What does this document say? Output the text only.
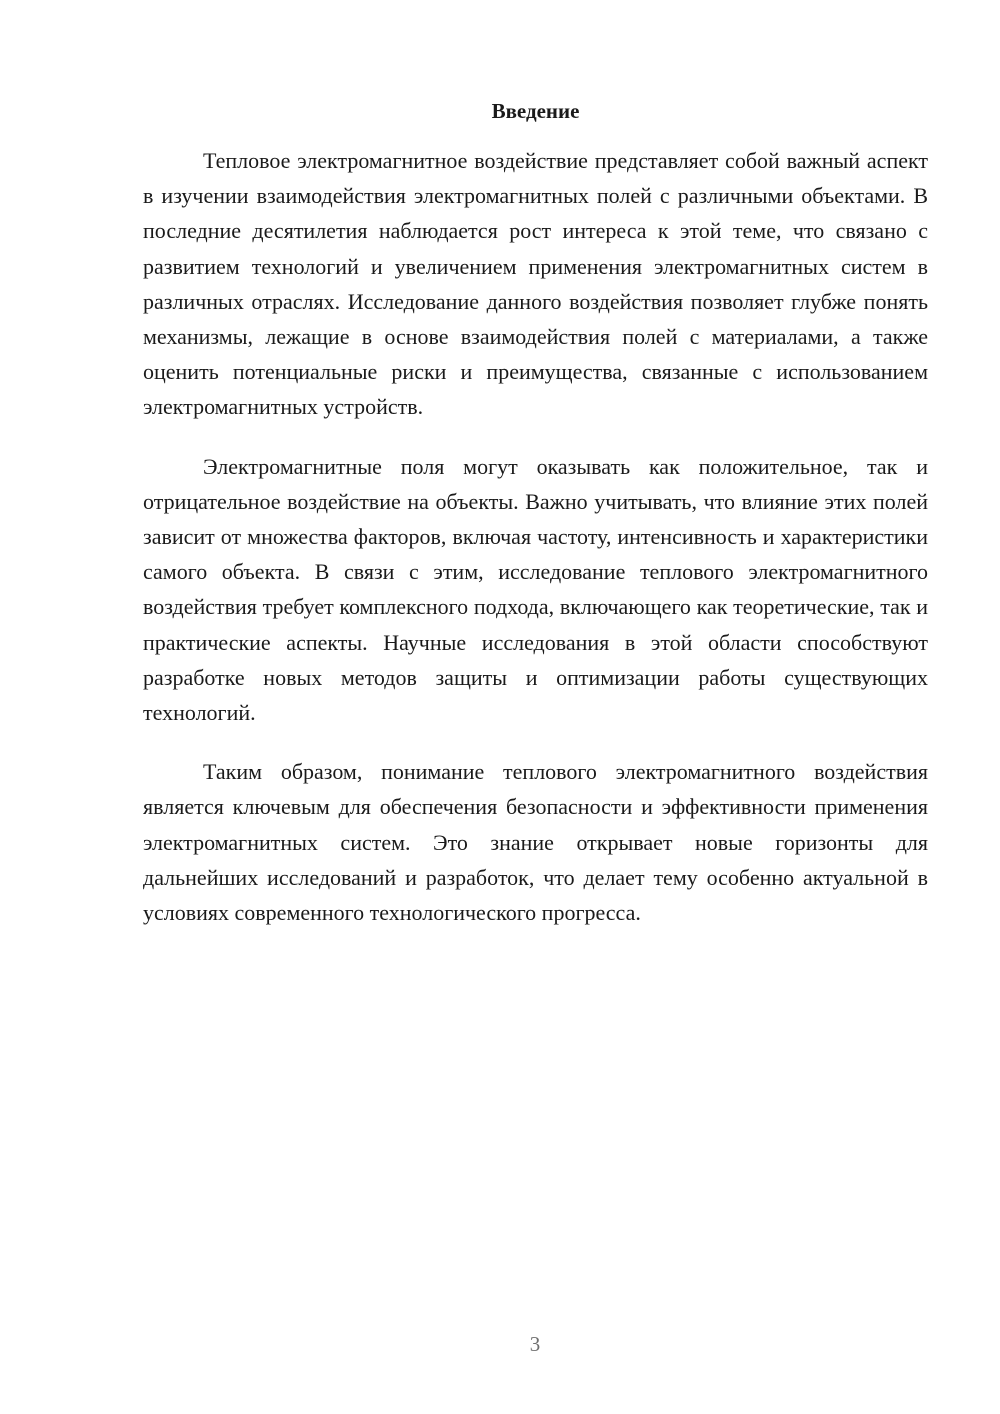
Введение

Тепловое электромагнитное воздействие представляет собой важный аспект в изучении взаимодействия электромагнитных полей с различными объектами. В последние десятилетия наблюдается рост интереса к этой теме, что связано с развитием технологий и увеличением применения электромагнитных систем в различных отраслях. Исследование данного воздействия позволяет глубже понять механизмы, лежащие в основе взаимодействия полей с материалами, а также оценить потенциальные риски и преимущества, связанные с использованием электромагнитных устройств.

Электромагнитные поля могут оказывать как положительное, так и отрицательное воздействие на объекты. Важно учитывать, что влияние этих полей зависит от множества факторов, включая частоту, интенсивность и характеристики самого объекта. В связи с этим, исследование теплового электромагнитного воздействия требует комплексного подхода, включающего как теоретические, так и практические аспекты. Научные исследования в этой области способствуют разработке новых методов защиты и оптимизации работы существующих технологий.

Таким образом, понимание теплового электромагнитного воздействия является ключевым для обеспечения безопасности и эффективности применения электромагнитных систем. Это знание открывает новые горизонты для дальнейших исследований и разработок, что делает тему особенно актуальной в условиях современного технологического прогресса.

3
